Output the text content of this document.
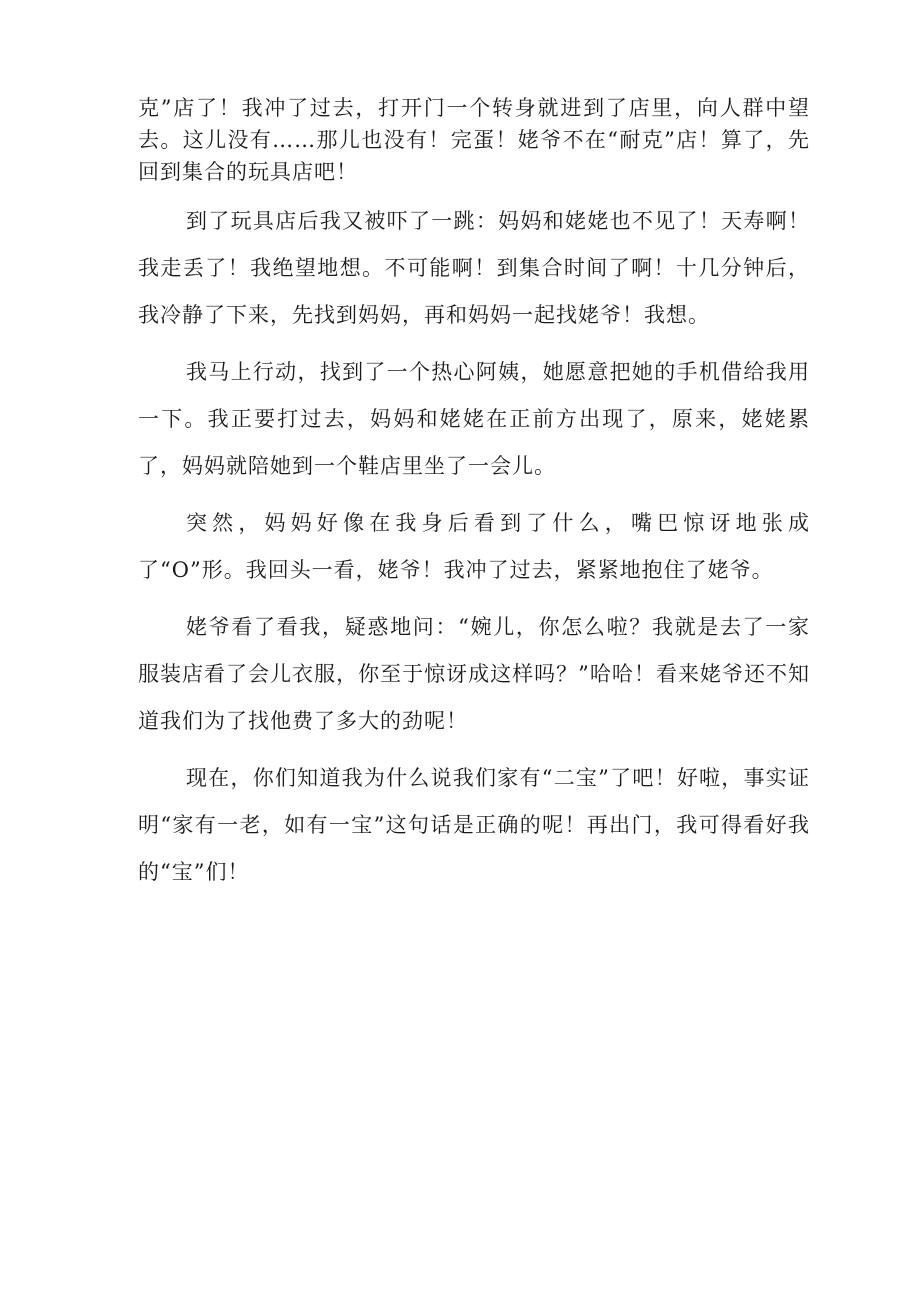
克”店了！我冲了过去，打开门一个转身就进到了店里，向人群中望去。这儿没有……那儿也没有！完蛋！姥爷不在“耐克”店！算了，先回到集合的玩具店吧！

到了玩具店后我又被吓了一跳：妈妈和姥姥也不见了！天寿啊！我走丢了！我绝望地想。不可能啊！到集合时间了啊！十几分钟后，我冷静了下来，先找到妈妈，再和妈妈一起找姥爷！我想。

我马上行动，找到了一个热心阿姨，她愿意把她的手机借给我用一下。我正要打过去，妈妈和姥姥在正前方出现了，原来，姥姥累了，妈妈就陪她到一个鞋店里坐了一会儿。

突然，妈妈好像在我身后看到了什么，嘴巴惊讶地张成了“O”形。我回头一看，姥爷！我冲了过去，紧紧地抱住了姥爷。

姥爷看了看我，疑惑地问：“婉儿，你怎么啦？我就是去了一家服装店看了会儿衣服，你至于惊讶成这样吗？”哈哈！看来姥爷还不知道我们为了找他费了多大的劲呢！

现在，你们知道我为什么说我们家有“二宝”了吧！好啦，事实证明“家有一老，如有一宝”这句话是正确的呢！再出门，我可得看好我的“宝”们！
